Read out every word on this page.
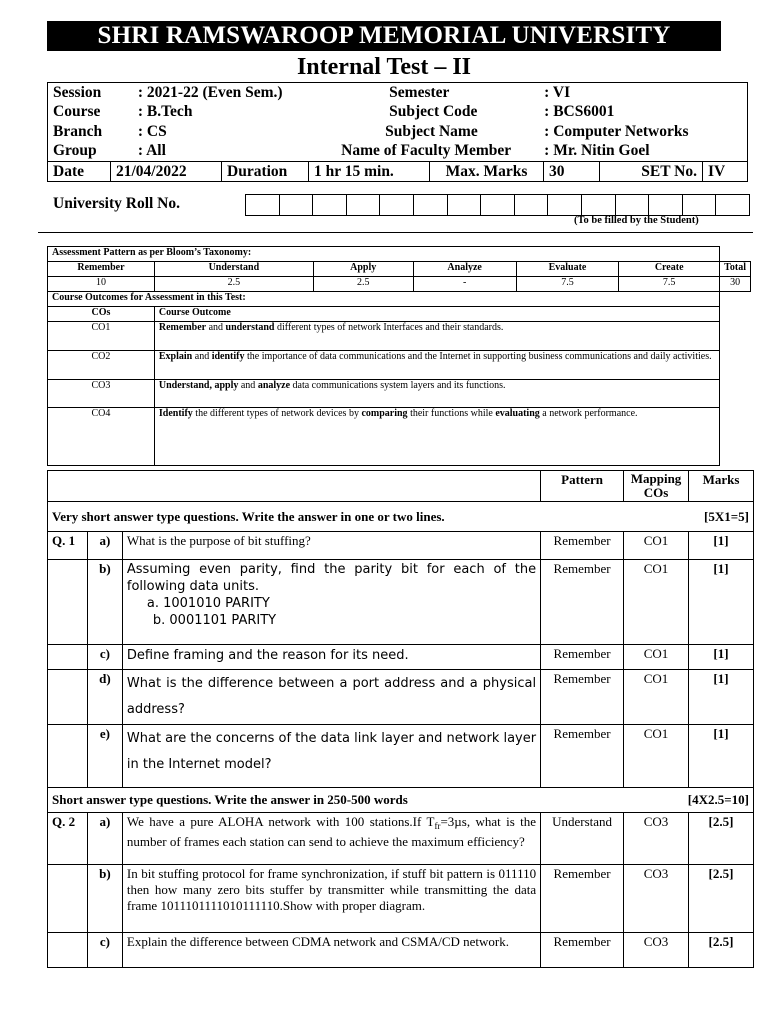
SHRI RAMSWAROOP MEMORIAL UNIVERSITY
Internal Test – II
Session	: 2021-22 (Even Sem.)	Semester	: VI
Course	: B.Tech	Subject Code	: BCS6001
Branch	: CS	Subject Name	: Computer Networks
Group	: All	Name of Faculty Member	: Mr. Nitin Goel
Date	21/04/2022	Duration	1 hr 15 min.	Max. Marks	30	SET No.	IV
University Roll No.
(To be filled by the Student)
Assessment Pattern as per Bloom’s Taxonomy:						
Remember	Understand	Apply	Analyze	Evaluate	Create	Total
10	2.5	2.5	-	7.5	7.5	30
Course Outcomes for Assessment in this Test:						
COs	Course Outcome					
CO1	Remember and understand different types of network Interfaces and their standards.					
CO2	Explain and identify the importance of data communications and the Internet in supporting business communications and daily activities.					
CO3	Understand, apply and analyze data communications system layers and its functions.					
CO4	Identify the different types of network devices by comparing their functions while evaluating a network performance.					
			Pattern	Mapping COs	Marks
Very short answer type questions. Write the answer in one or two lines. [5X1=5]					

Q. 1	a)	What is the purpose of bit stuffing?	Remember	CO1	[1]
	b)	Assuming even parity, find the parity bit for each of the following data units.
a. 1001010 PARITY
b. 0001101 PARITY	Remember	CO1	[1]
	c)	Define framing and the reason for its need.	Remember	CO1	[1]
	d)	What is the difference between a port address and a physical address?	Remember	CO1	[1]
	e)	What are the concerns of the data link layer and network layer in the Internet model?	Remember	CO1	[1]
Short answer type questions. Write the answer in 250-500 words [4X2.5=10]					

Q. 2	a)	We have a pure ALOHA network with 100 stations.If $T_{fr}=3\mu s$, what is the number of frames each station can send to achieve the maximum efficiency?	Understand	CO3	[2.5]
	b)	In bit stuffing protocol for frame synchronization, if stuff bit pattern is 011110 then how many zero bits stuffer by transmitter while transmitting the data frame 1011101111010111110.Show with proper diagram.	Remember	CO3	[2.5]
	c)	Explain the difference between CDMA network and CSMA/CD network.	Remember	CO3	[2.5]
